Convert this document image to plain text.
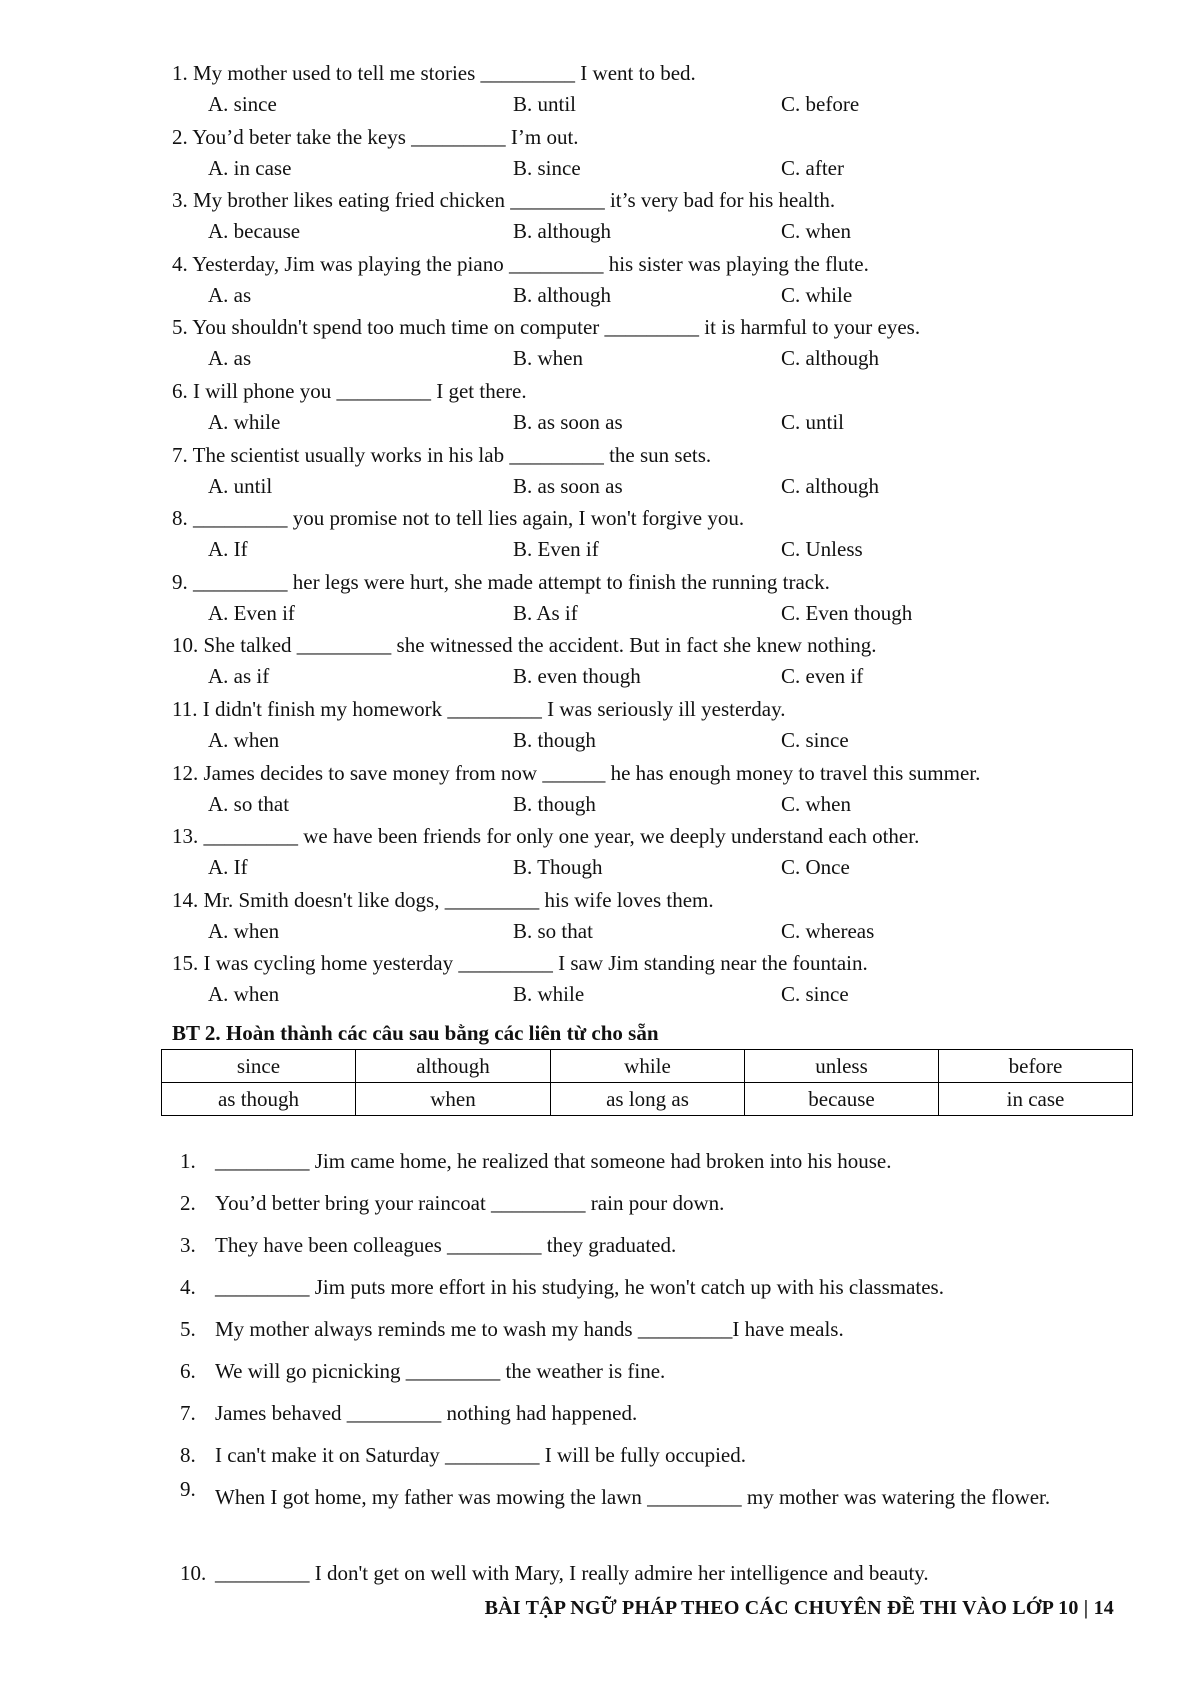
1. My mother used to tell me stories _________ I went to bed.
A. since	B. until	C. before
2. You’d beter take the keys _________ I’m out.
A. in case	B. since	C. after
3. My brother likes eating fried chicken _________ it’s very bad for his health.
A. because	B. although	C. when
4. Yesterday, Jim was playing the piano _________ his sister was playing the flute.
A. as	B. although	C. while
5. You shouldn't spend too much time on computer _________ it is harmful to your eyes.
A. as	B. when	C. although
6. I will phone you _________ I get there.
A. while	B. as soon as	C. until
7. The scientist usually works in his lab _________ the sun sets.
A. until	B. as soon as	C. although
8. _________ you promise not to tell lies again, I won't forgive you.
A. If	B. Even if	C. Unless
9. _________ her legs were hurt, she made attempt to finish the running track.
A. Even if	B. As if	C. Even though
10. She talked _________ she witnessed the accident. But in fact she knew nothing.
A. as if	B. even though	C. even if
11. I didn't finish my homework _________ I was seriously ill yesterday.
A. when	B. though	C. since
12. James decides to save money from now ______ he has enough money to travel this summer.
A. so that	B. though	C. when
13. _________ we have been friends for only one year, we deeply understand each other.
A. If	B. Though	C. Once
14. Mr. Smith doesn't like dogs, _________ his wife loves them.
A. when	B. so that	C. whereas
15. I was cycling home yesterday _________ I saw Jim standing near the fountain.
A. when	B. while	C. since
BT 2. Hoàn thành các câu sau bằng các liên từ cho sẵn
since	although	while	unless	before
as though	when	as long as	because	in case
1. _________ Jim came home, he realized that someone had broken into his house.
2. You’d better bring your raincoat _________ rain pour down.
3. They have been colleagues _________ they graduated.
4. _________ Jim puts more effort in his studying, he won't catch up with his classmates.
5. My mother always reminds me to wash my hands _________I have meals.
6. We will go picnicking _________ the weather is fine.
7. James behaved _________ nothing had happened.
8. I can't make it on Saturday _________ I will be fully occupied.
9. When I got home, my father was mowing the lawn _________ my mother was watering the flower.
10. _________ I don't get on well with Mary, I really admire her intelligence and beauty.
BÀI TẬP NGỮ PHÁP THEO CÁC CHUYÊN ĐỀ THI VÀO LỚP 10 | 14
